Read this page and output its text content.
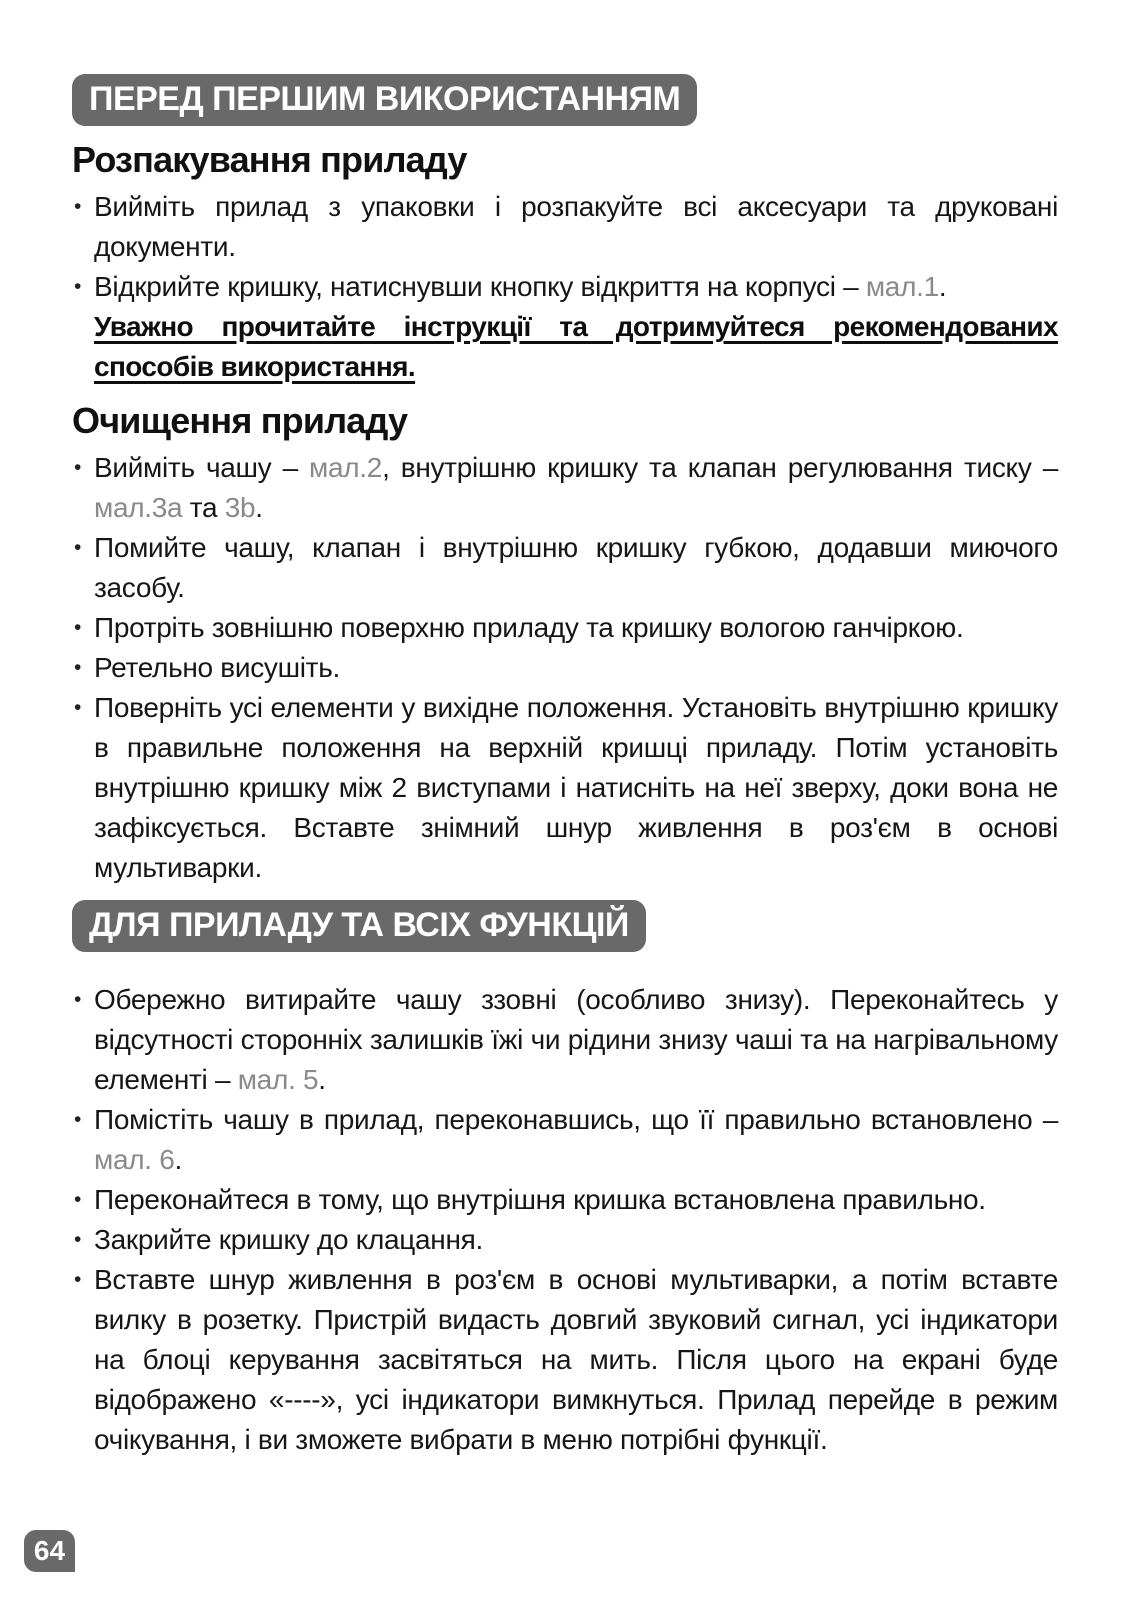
ПЕРЕД ПЕРШИМ ВИКОРИСТАННЯМ
Розпакування приладу
• Вийміть прилад з упаковки і розпакуйте всі аксесуари та друковані документи.
• Відкрийте кришку, натиснувши кнопку відкриття на корпусі – мал.1.
Уважно прочитайте інструкції та дотримуйтеся рекомендованих способів використання.
Очищення приладу
• Вийміть чашу – мал.2, внутрішню кришку та клапан регулювання тиску – мал.3a та 3b.
• Помийте чашу, клапан і внутрішню кришку губкою, додавши миючого засобу.
• Протріть зовнішню поверхню приладу та кришку вологою ганчіркою.
• Ретельно висушіть.
• Поверніть усі елементи у вихідне положення. Установіть внутрішню кришку в правильне положення на верхній кришці приладу. Потім установіть внутрішню кришку між 2 виступами і натисніть на неї зверху, доки вона не зафіксується. Вставте знімний шнур живлення в роз'єм в основі мультиварки.
ДЛЯ ПРИЛАДУ ТА ВСІХ ФУНКЦІЙ
• Обережно витирайте чашу ззовні (особливо знизу). Переконайтесь у відсутності сторонніх залишків їжі чи рідини знизу чаші та на нагрівальному елементі – мал. 5.
• Помістіть чашу в прилад, переконавшись, що її правильно встановлено – мал. 6.
• Переконайтеся в тому, що внутрішня кришка встановлена правильно.
• Закрийте кришку до клацання.
• Вставте шнур живлення в роз'єм в основі мультиварки, а потім вставте вилку в розетку. Пристрій видасть довгий звуковий сигнал, усі індикатори на блоці керування засвітяться на мить. Після цього на екрані буде відображено «----», усі індикатори вимкнуться. Прилад перейде в режим очікування, і ви зможете вибрати в меню потрібні функції.
64
